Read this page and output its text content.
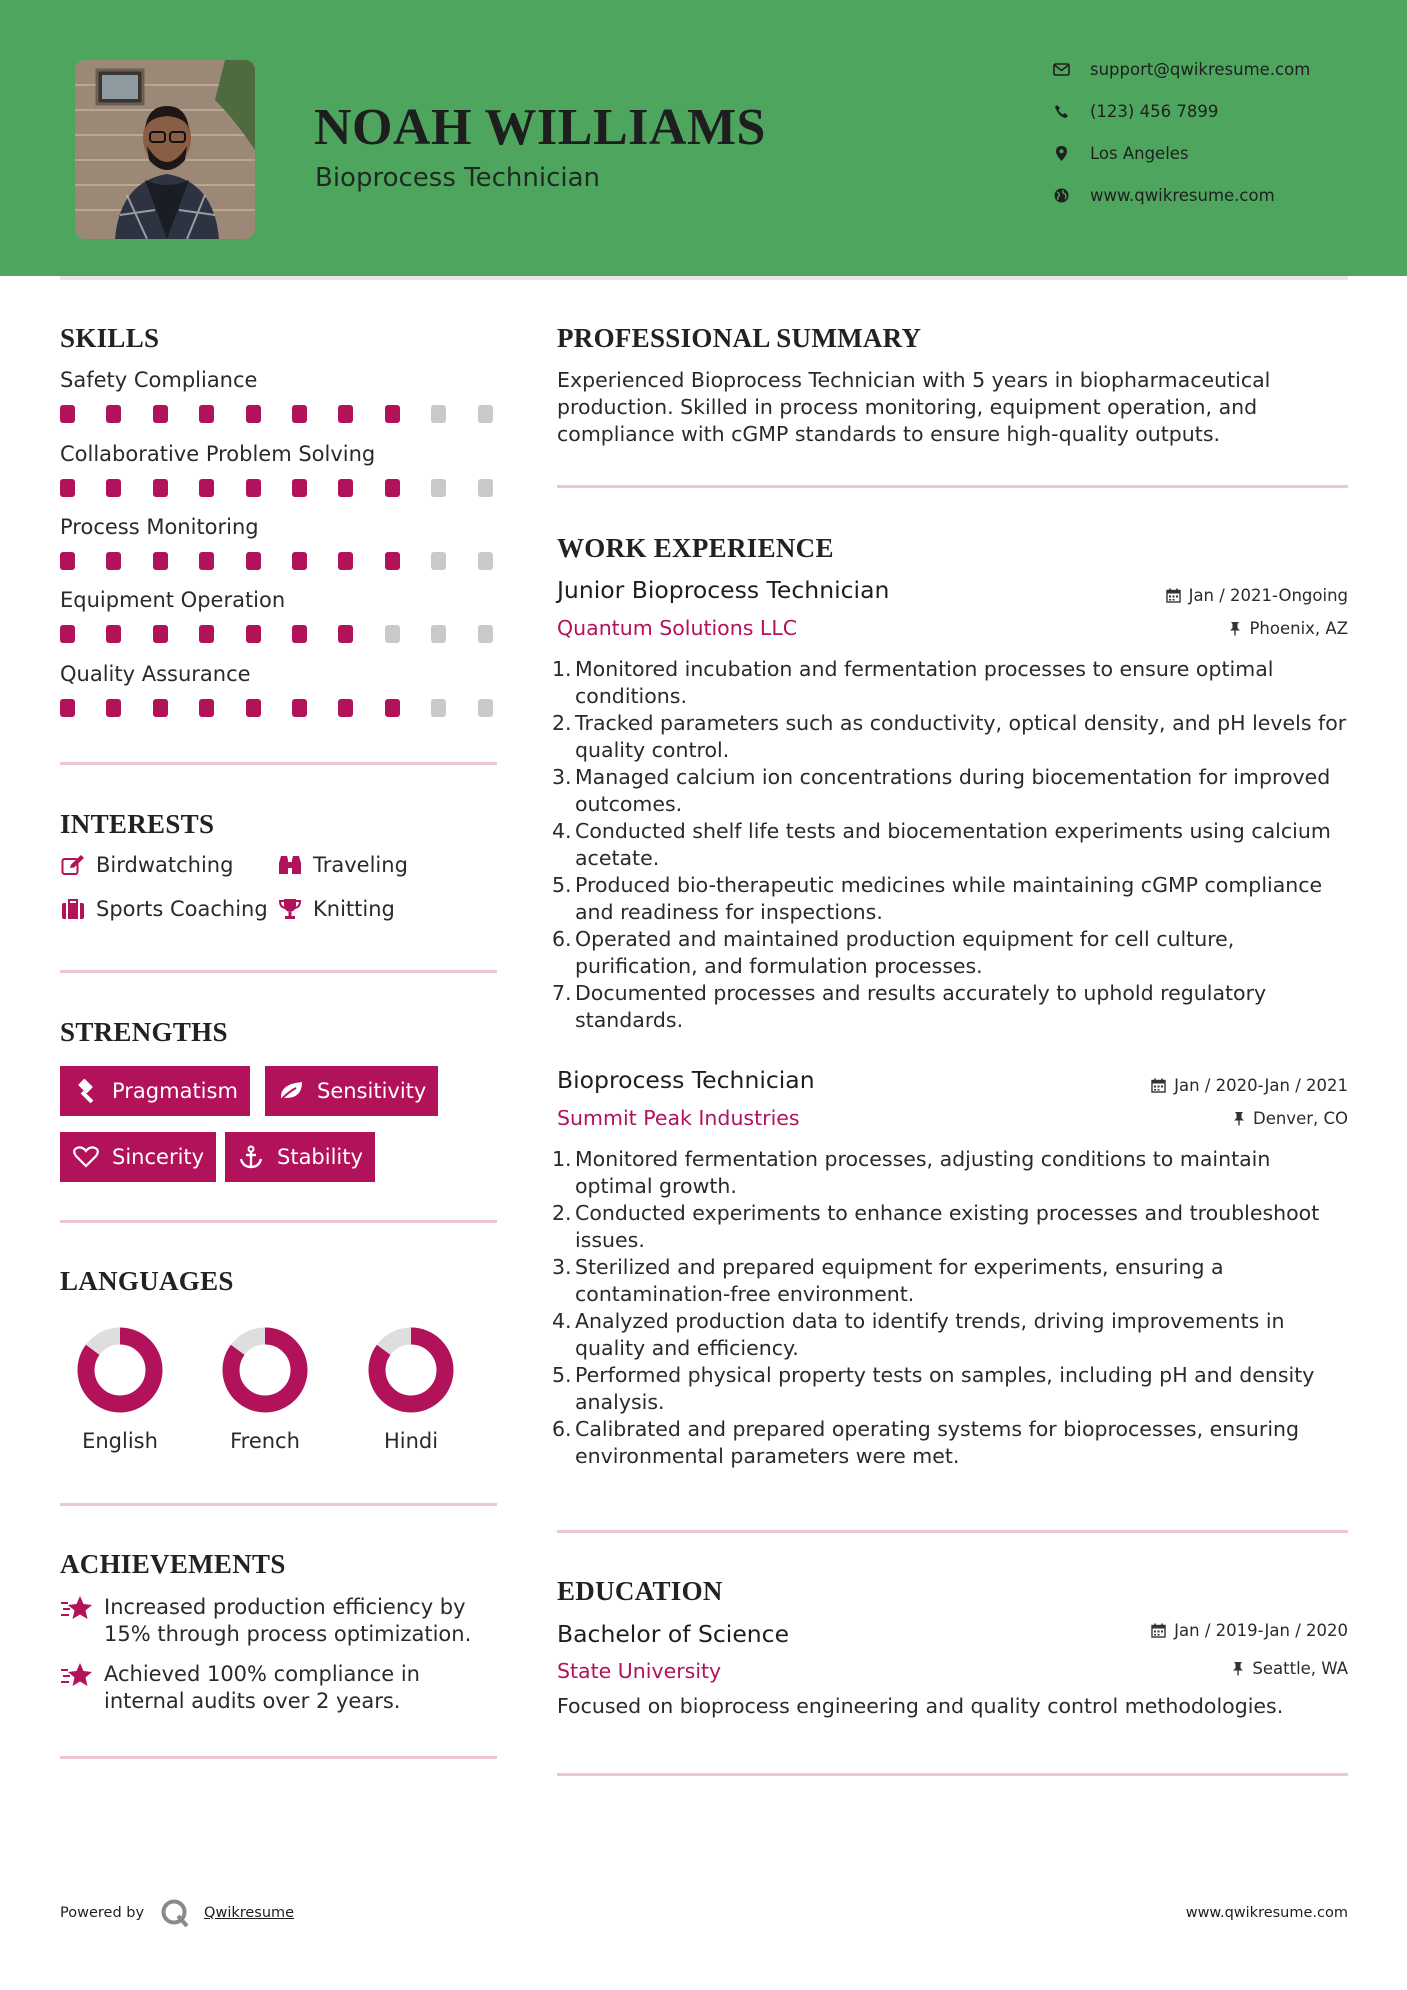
NOAH WILLIAMS
Bioprocess Technician
support@qwikresume.com
(123) 456 7899
Los Angeles
www.qwikresume.com
SKILLS
Safety Compliance
Collaborative Problem Solving
Process Monitoring
Equipment Operation
Quality Assurance
INTERESTS
Birdwatching	Traveling
Sports Coaching Knitting
STRENGTHS
Pragmatism	Sensitivity
Sincerity	Stability
LANGUAGES
English	French	Hindi
ACHIEVEMENTS
Increased production efficiency by 15% through process optimization.
Achieved 100% compliance in internal audits over 2 years.
PROFESSIONAL SUMMARY
Experienced Bioprocess Technician with 5 years in biopharmaceutical production. Skilled in process monitoring, equipment operation, and compliance with cGMP standards to ensure high-quality outputs.
WORK EXPERIENCE
Junior Bioprocess Technician	Jan / 2021-Ongoing
Quantum Solutions LLC	Phoenix, AZ
1. Monitored incubation and fermentation processes to ensure optimal conditions.
2. Tracked parameters such as conductivity, optical density, and pH levels for quality control.
3. Managed calcium ion concentrations during biocementation for improved outcomes.
4. Conducted shelf life tests and biocementation experiments using calcium acetate.
5. Produced bio-therapeutic medicines while maintaining cGMP compliance and readiness for inspections.
6. Operated and maintained production equipment for cell culture, purification, and formulation processes.
7. Documented processes and results accurately to uphold regulatory standards.
Bioprocess Technician	Jan / 2020-Jan / 2021
Summit Peak Industries	Denver, CO
1. Monitored fermentation processes, adjusting conditions to maintain optimal growth.
2. Conducted experiments to enhance existing processes and troubleshoot issues.
3. Sterilized and prepared equipment for experiments, ensuring a contamination-free environment.
4. Analyzed production data to identify trends, driving improvements in quality and efficiency.
5. Performed physical property tests on samples, including pH and density analysis.
6. Calibrated and prepared operating systems for bioprocesses, ensuring environmental parameters were met.
EDUCATION
Bachelor of Science	Jan / 2019-Jan / 2020
State University	Seattle, WA
Focused on bioprocess engineering and quality control methodologies.
Powered by	Qwikresume	www.qwikresume.com
